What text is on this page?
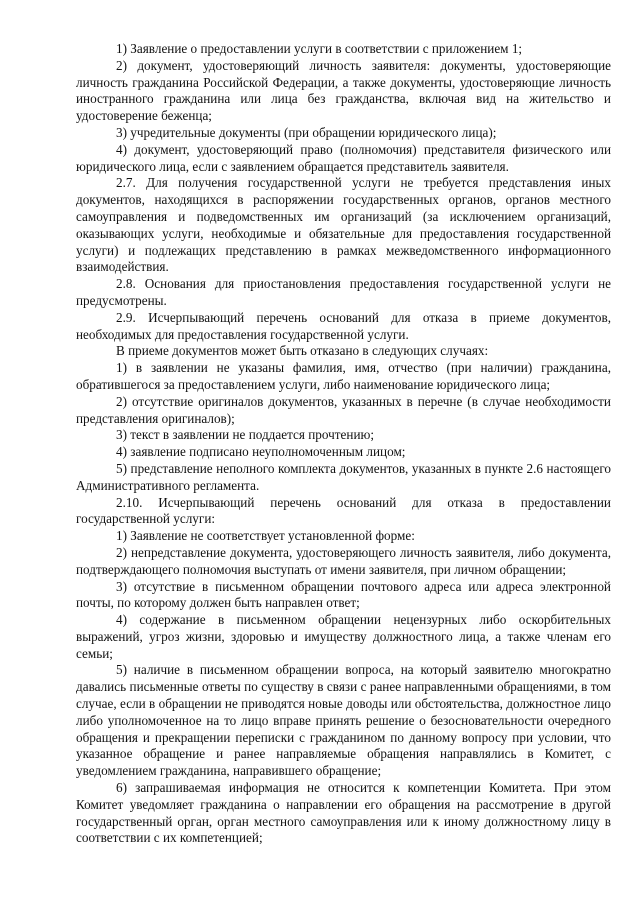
1) Заявление о предоставлении услуги в соответствии с приложением 1;

2) документ, удостоверяющий личность заявителя: документы, удостоверяющие личность гражданина Российской Федерации, а также документы, удостоверяющие личность иностранного гражданина или лица без гражданства, включая вид на жительство и удостоверение беженца;

3) учредительные документы (при обращении юридического лица);

4) документ, удостоверяющий право (полномочия) представителя физического или юридического лица, если с заявлением обращается представитель заявителя.

2.7. Для получения государственной услуги не требуется представления иных документов, находящихся в распоряжении государственных органов, органов местного самоуправления и подведомственных им организаций (за исключением организаций, оказывающих услуги, необходимые и обязательные для предоставления государственной услуги) и подлежащих представлению в рамках межведомственного информационного взаимодействия.

2.8. Основания для приостановления предоставления государственной услуги не предусмотрены.

2.9. Исчерпывающий перечень оснований для отказа в приеме документов, необходимых для предоставления государственной услуги.

В приеме документов может быть отказано в следующих случаях:

1) в заявлении не указаны фамилия, имя, отчество (при наличии) гражданина, обратившегося за предоставлением услуги, либо наименование юридического лица;

2) отсутствие оригиналов документов, указанных в перечне (в случае необходимости представления оригиналов);

3) текст в заявлении не поддается прочтению;

4) заявление подписано неуполномоченным лицом;

5) представление неполного комплекта документов, указанных в пункте 2.6 настоящего Административного регламента.

2.10. Исчерпывающий перечень оснований для отказа в предоставлении государственной услуги:

1) Заявление не соответствует установленной форме:

2) непредставление документа, удостоверяющего личность заявителя, либо документа, подтверждающего полномочия выступать от имени заявителя, при личном обращении;

3) отсутствие в письменном обращении почтового адреса или адреса электронной почты, по которому должен быть направлен ответ;

4) содержание в письменном обращении нецензурных либо оскорбительных выражений, угроз жизни, здоровью и имуществу должностного лица, а также членам его семьи;

5) наличие в письменном обращении вопроса, на который заявителю многократно давались письменные ответы по существу в связи с ранее направленными обращениями, в том случае, если в обращении не приводятся новые доводы или обстоятельства, должностное лицо либо уполномоченное на то лицо вправе принять решение о безосновательности очередного обращения и прекращении переписки с гражданином по данному вопросу при условии, что указанное обращение и ранее направляемые обращения направлялись в Комитет, с уведомлением гражданина, направившего обращение;

6) запрашиваемая информация не относится к компетенции Комитета. При этом Комитет уведомляет гражданина о направлении его обращения на рассмотрение в другой государственный орган, орган местного самоуправления или к иному должностному лицу в соответствии с их компетенцией;
